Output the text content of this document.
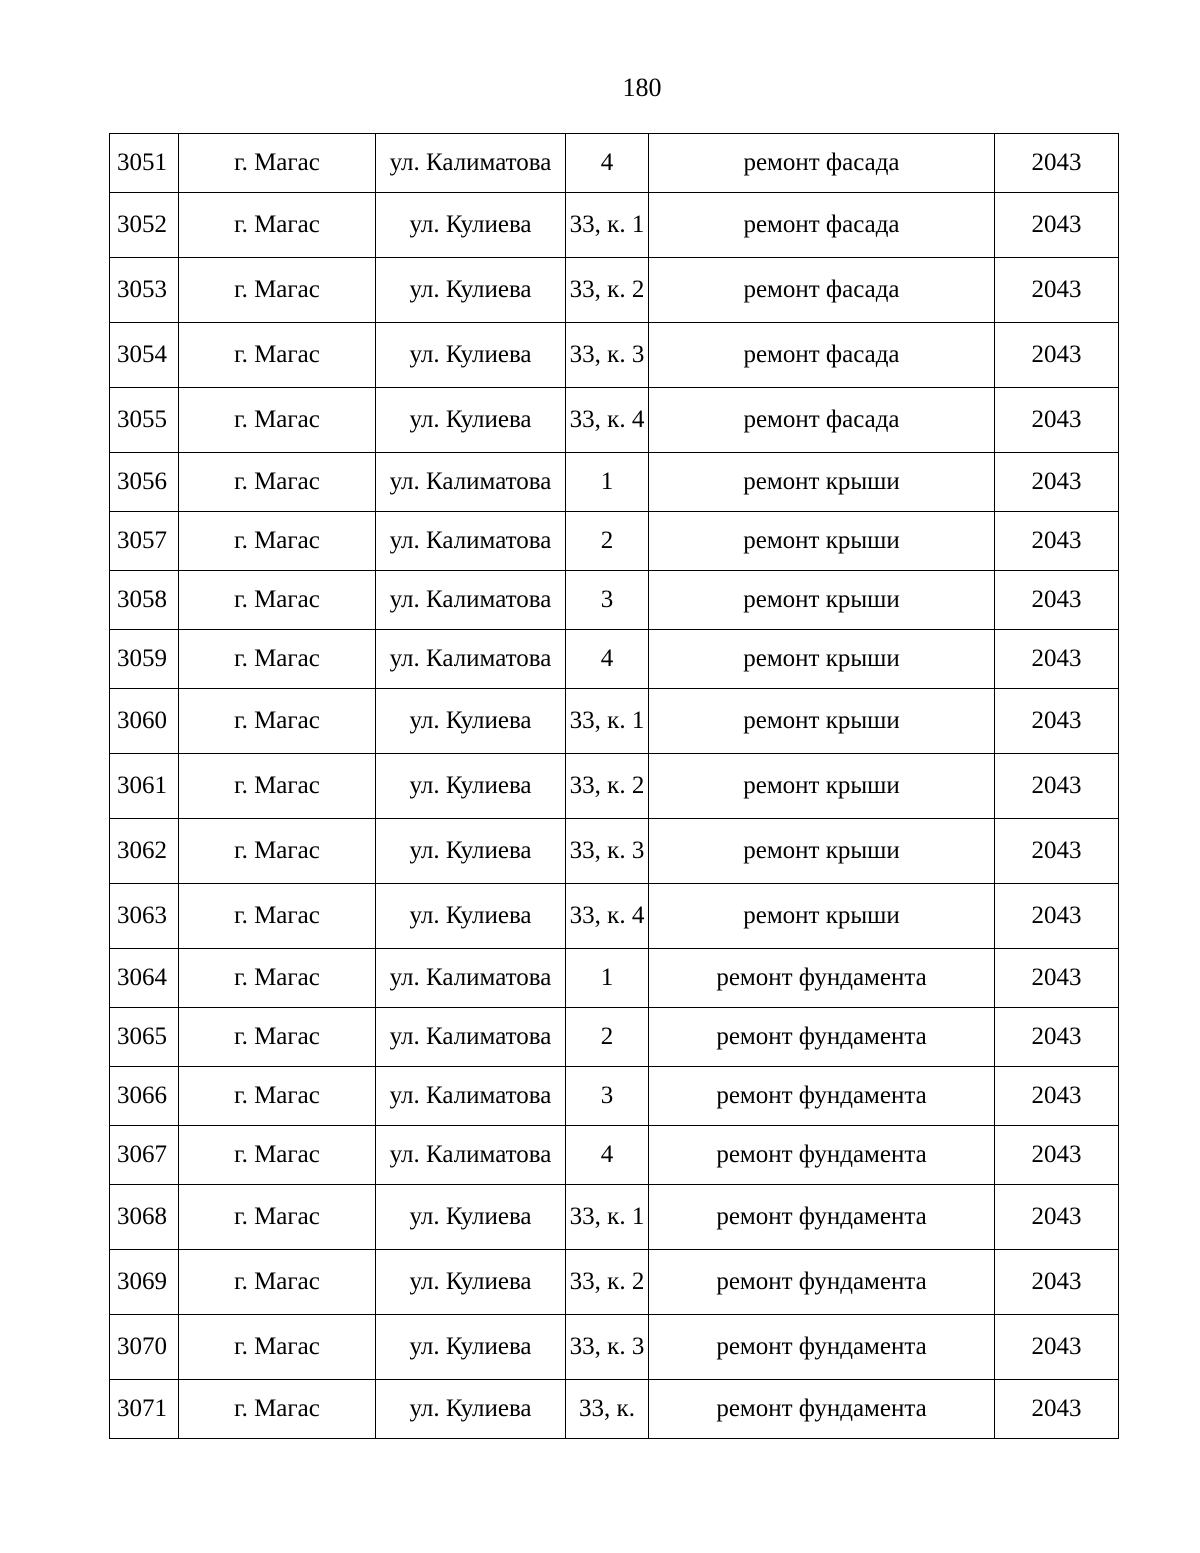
180
3051	г. Магас	ул. Калиматова	4	ремонт фасада	2043
3052	г. Магас	ул. Кулиева	33, к. 1	ремонт фасада	2043
3053	г. Магас	ул. Кулиева	33, к. 2	ремонт фасада	2043
3054	г. Магас	ул. Кулиева	33, к. 3	ремонт фасада	2043
3055	г. Магас	ул. Кулиева	33, к. 4	ремонт фасада	2043
3056	г. Магас	ул. Калиматова	1	ремонт крыши	2043
3057	г. Магас	ул. Калиматова	2	ремонт крыши	2043
3058	г. Магас	ул. Калиматова	3	ремонт крыши	2043
3059	г. Магас	ул. Калиматова	4	ремонт крыши	2043
3060	г. Магас	ул. Кулиева	33, к. 1	ремонт крыши	2043
3061	г. Магас	ул. Кулиева	33, к. 2	ремонт крыши	2043
3062	г. Магас	ул. Кулиева	33, к. 3	ремонт крыши	2043
3063	г. Магас	ул. Кулиева	33, к. 4	ремонт крыши	2043
3064	г. Магас	ул. Калиматова	1	ремонт фундамента	2043
3065	г. Магас	ул. Калиматова	2	ремонт фундамента	2043
3066	г. Магас	ул. Калиматова	3	ремонт фундамента	2043
3067	г. Магас	ул. Калиматова	4	ремонт фундамента	2043
3068	г. Магас	ул. Кулиева	33, к. 1	ремонт фундамента	2043
3069	г. Магас	ул. Кулиева	33, к. 2	ремонт фундамента	2043
3070	г. Магас	ул. Кулиева	33, к. 3	ремонт фундамента	2043
3071	г. Магас	ул. Кулиева	33, к.	ремонт фундамента	2043
